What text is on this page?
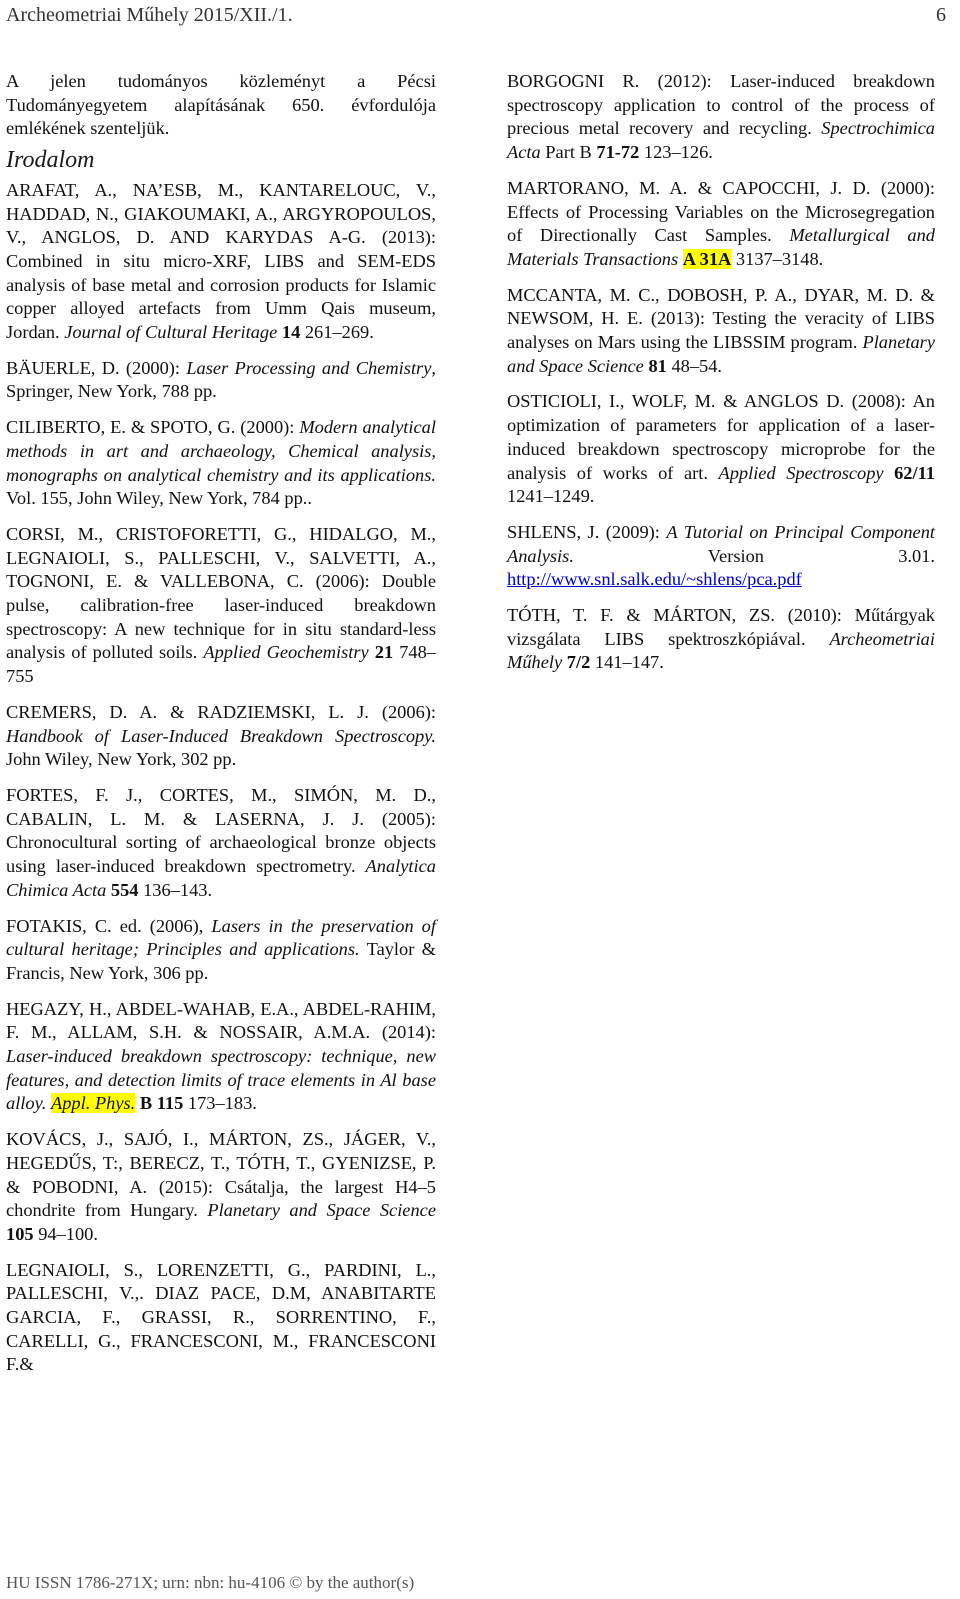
Archeometriai Műhely 2015/XII./1.	6

A jelen tudományos közleményt a Pécsi Tudományegyetem alapításának 650. évfordulója emlékének szenteljük.

Irodalom

ARAFAT, A., NA’ESB, M., KANTARELOUC, V., HADDAD, N., GIAKOUMAKI, A., ARGYROPOULOS, V., ANGLOS, D. AND KARYDAS A-G. (2013): Combined in situ micro-XRF, LIBS and SEM-EDS analysis of base metal and corrosion products for Islamic copper alloyed artefacts from Umm Qais museum, Jordan. Journal of Cultural Heritage 14 261–269.

BÄUERLE, D. (2000): Laser Processing and Chemistry, Springer, New York, 788 pp.

CILIBERTO, E. & SPOTO, G. (2000): Modern analytical methods in art and archaeology, Chemical analysis, monographs on analytical chemistry and its applications. Vol. 155, John Wiley, New York, 784 pp..

CORSI, M., CRISTOFORETTI, G., HIDALGO, M., LEGNAIOLI, S., PALLESCHI, V., SALVETTI, A., TOGNONI, E. & VALLEBONA, C. (2006): Double pulse, calibration-free laser-induced breakdown spectroscopy: A new technique for in situ standard-less analysis of polluted soils. Applied Geochemistry 21 748–755

CREMERS, D. A. & RADZIEMSKI, L. J. (2006): Handbook of Laser-Induced Breakdown Spectroscopy. John Wiley, New York, 302 pp.

FORTES, F. J., CORTES, M., SIMÓN, M. D., CABALIN, L. M. & LASERNA, J. J. (2005): Chronocultural sorting of archaeological bronze objects using laser-induced breakdown spectrometry. Analytica Chimica Acta 554 136–143.

FOTAKIS, C. ed. (2006), Lasers in the preservation of cultural heritage; Principles and applications. Taylor & Francis, New York, 306 pp.

HEGAZY, H., ABDEL-WAHAB, E.A., ABDEL-RAHIM, F. M., ALLAM, S.H. & NOSSAIR, A.M.A. (2014): Laser-induced breakdown spectroscopy: technique, new features, and detection limits of trace elements in Al base alloy. Appl. Phys. B 115 173–183.

KOVÁCS, J., SAJÓ, I., MÁRTON, ZS., JÁGER, V., HEGEDŰS, T:, BERECZ, T., TÓTH, T., GYENIZSE, P. & POBODNI, A. (2015): Csátalja, the largest H4–5 chondrite from Hungary. Planetary and Space Science 105 94–100.

LEGNAIOLI, S., LORENZETTI, G., PARDINI, L., PALLESCHI, V.,. DIAZ PACE, D.M, ANABITARTE GARCIA, F., GRASSI, R., SORRENTINO, F., CARELLI, G., FRANCESCONI, M., FRANCESCONI F.&

BORGOGNI R. (2012): Laser-induced breakdown spectroscopy application to control of the process of precious metal recovery and recycling. Spectrochimica Acta Part B 71-72 123–126.

MARTORANO, M. A. & CAPOCCHI, J. D. (2000): Effects of Processing Variables on the Microsegregation of Directionally Cast Samples. Metallurgical and Materials Transactions A 31A 3137–3148.

MCCANTA, M. C., DOBOSH, P. A., DYAR, M. D. & NEWSOM, H. E. (2013): Testing the veracity of LIBS analyses on Mars using the LIBSSIM program. Planetary and Space Science 81 48–54.

OSTICIOLI, I., WOLF, M. & ANGLOS D. (2008): An optimization of parameters for application of a laser-induced breakdown spectroscopy microprobe for the analysis of works of art. Applied Spectroscopy 62/11 1241–1249.

SHLENS, J. (2009): A Tutorial on Principal Component Analysis. Version 3.01. http://www.snl.salk.edu/~shlens/pca.pdf

TÓTH, T. F. & MÁRTON, ZS. (2010): Műtárgyak vizsgálata LIBS spektroszkópiával. Archeometriai Műhely 7/2 141–147.

HU ISSN 1786-271X; urn: nbn: hu-4106 © by the author(s)
